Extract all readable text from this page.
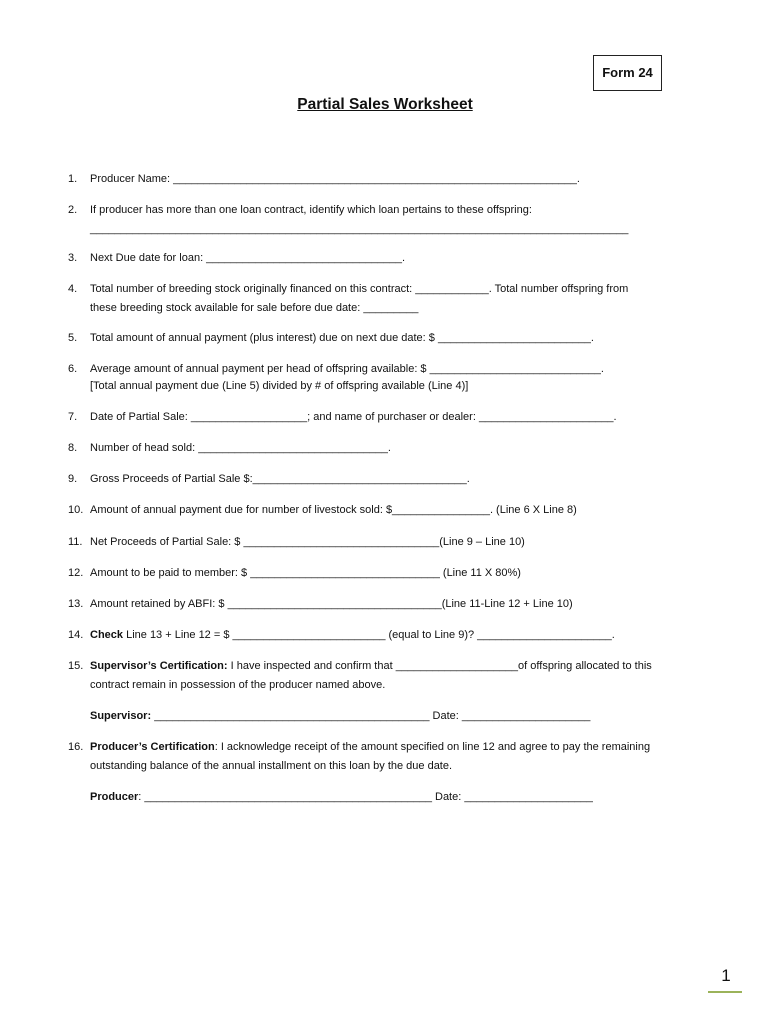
Form 24
Partial Sales Worksheet
1.	Producer Name: __________________________________________________________________.
2.	If producer has more than one loan contract, identify which loan pertains to these offspring:
________________________________________________________________________________________
3.	Next Due date for loan: ________________________________.
4.	Total number of breeding stock originally financed on this contract: ____________. Total number offspring from
these breeding stock available for sale before due date: _________
5.	Total amount of annual payment (plus interest) due on next due date: $ _________________________.
6.	Average amount of annual payment per head of offspring available: $ ____________________________.
[Total annual payment due (Line 5) divided by # of offspring available (Line 4)]
7.	Date of Partial Sale: ___________________; and name of purchaser or dealer: ______________________.
8.	Number of head sold: _______________________________.
9.	Gross Proceeds of Partial Sale $:___________________________________.
10. Amount of annual payment due for number of livestock sold: $________________. (Line 6 X Line 8)
11. Net Proceeds of Partial Sale: $ ________________________________(Line 9 – Line 10)
12. Amount to be paid to member: $ _______________________________ (Line 11 X 80%)
13. Amount retained by ABFI: $ ___________________________________(Line 11-Line 12 + Line 10)
14. Check Line 13 + Line 12 = $ _________________________ (equal to Line 9)? ______________________.
15. Supervisor’s Certification: I have inspected and confirm that ____________________of offspring allocated to this
contract remain in possession of the producer named above.
Supervisor: _____________________________________________ Date: _____________________
16. Producer’s Certification: I acknowledge receipt of the amount specified on line 12 and agree to pay the remaining
outstanding balance of the annual installment on this loan by the due date.
Producer: _______________________________________________ Date: _____________________
1
